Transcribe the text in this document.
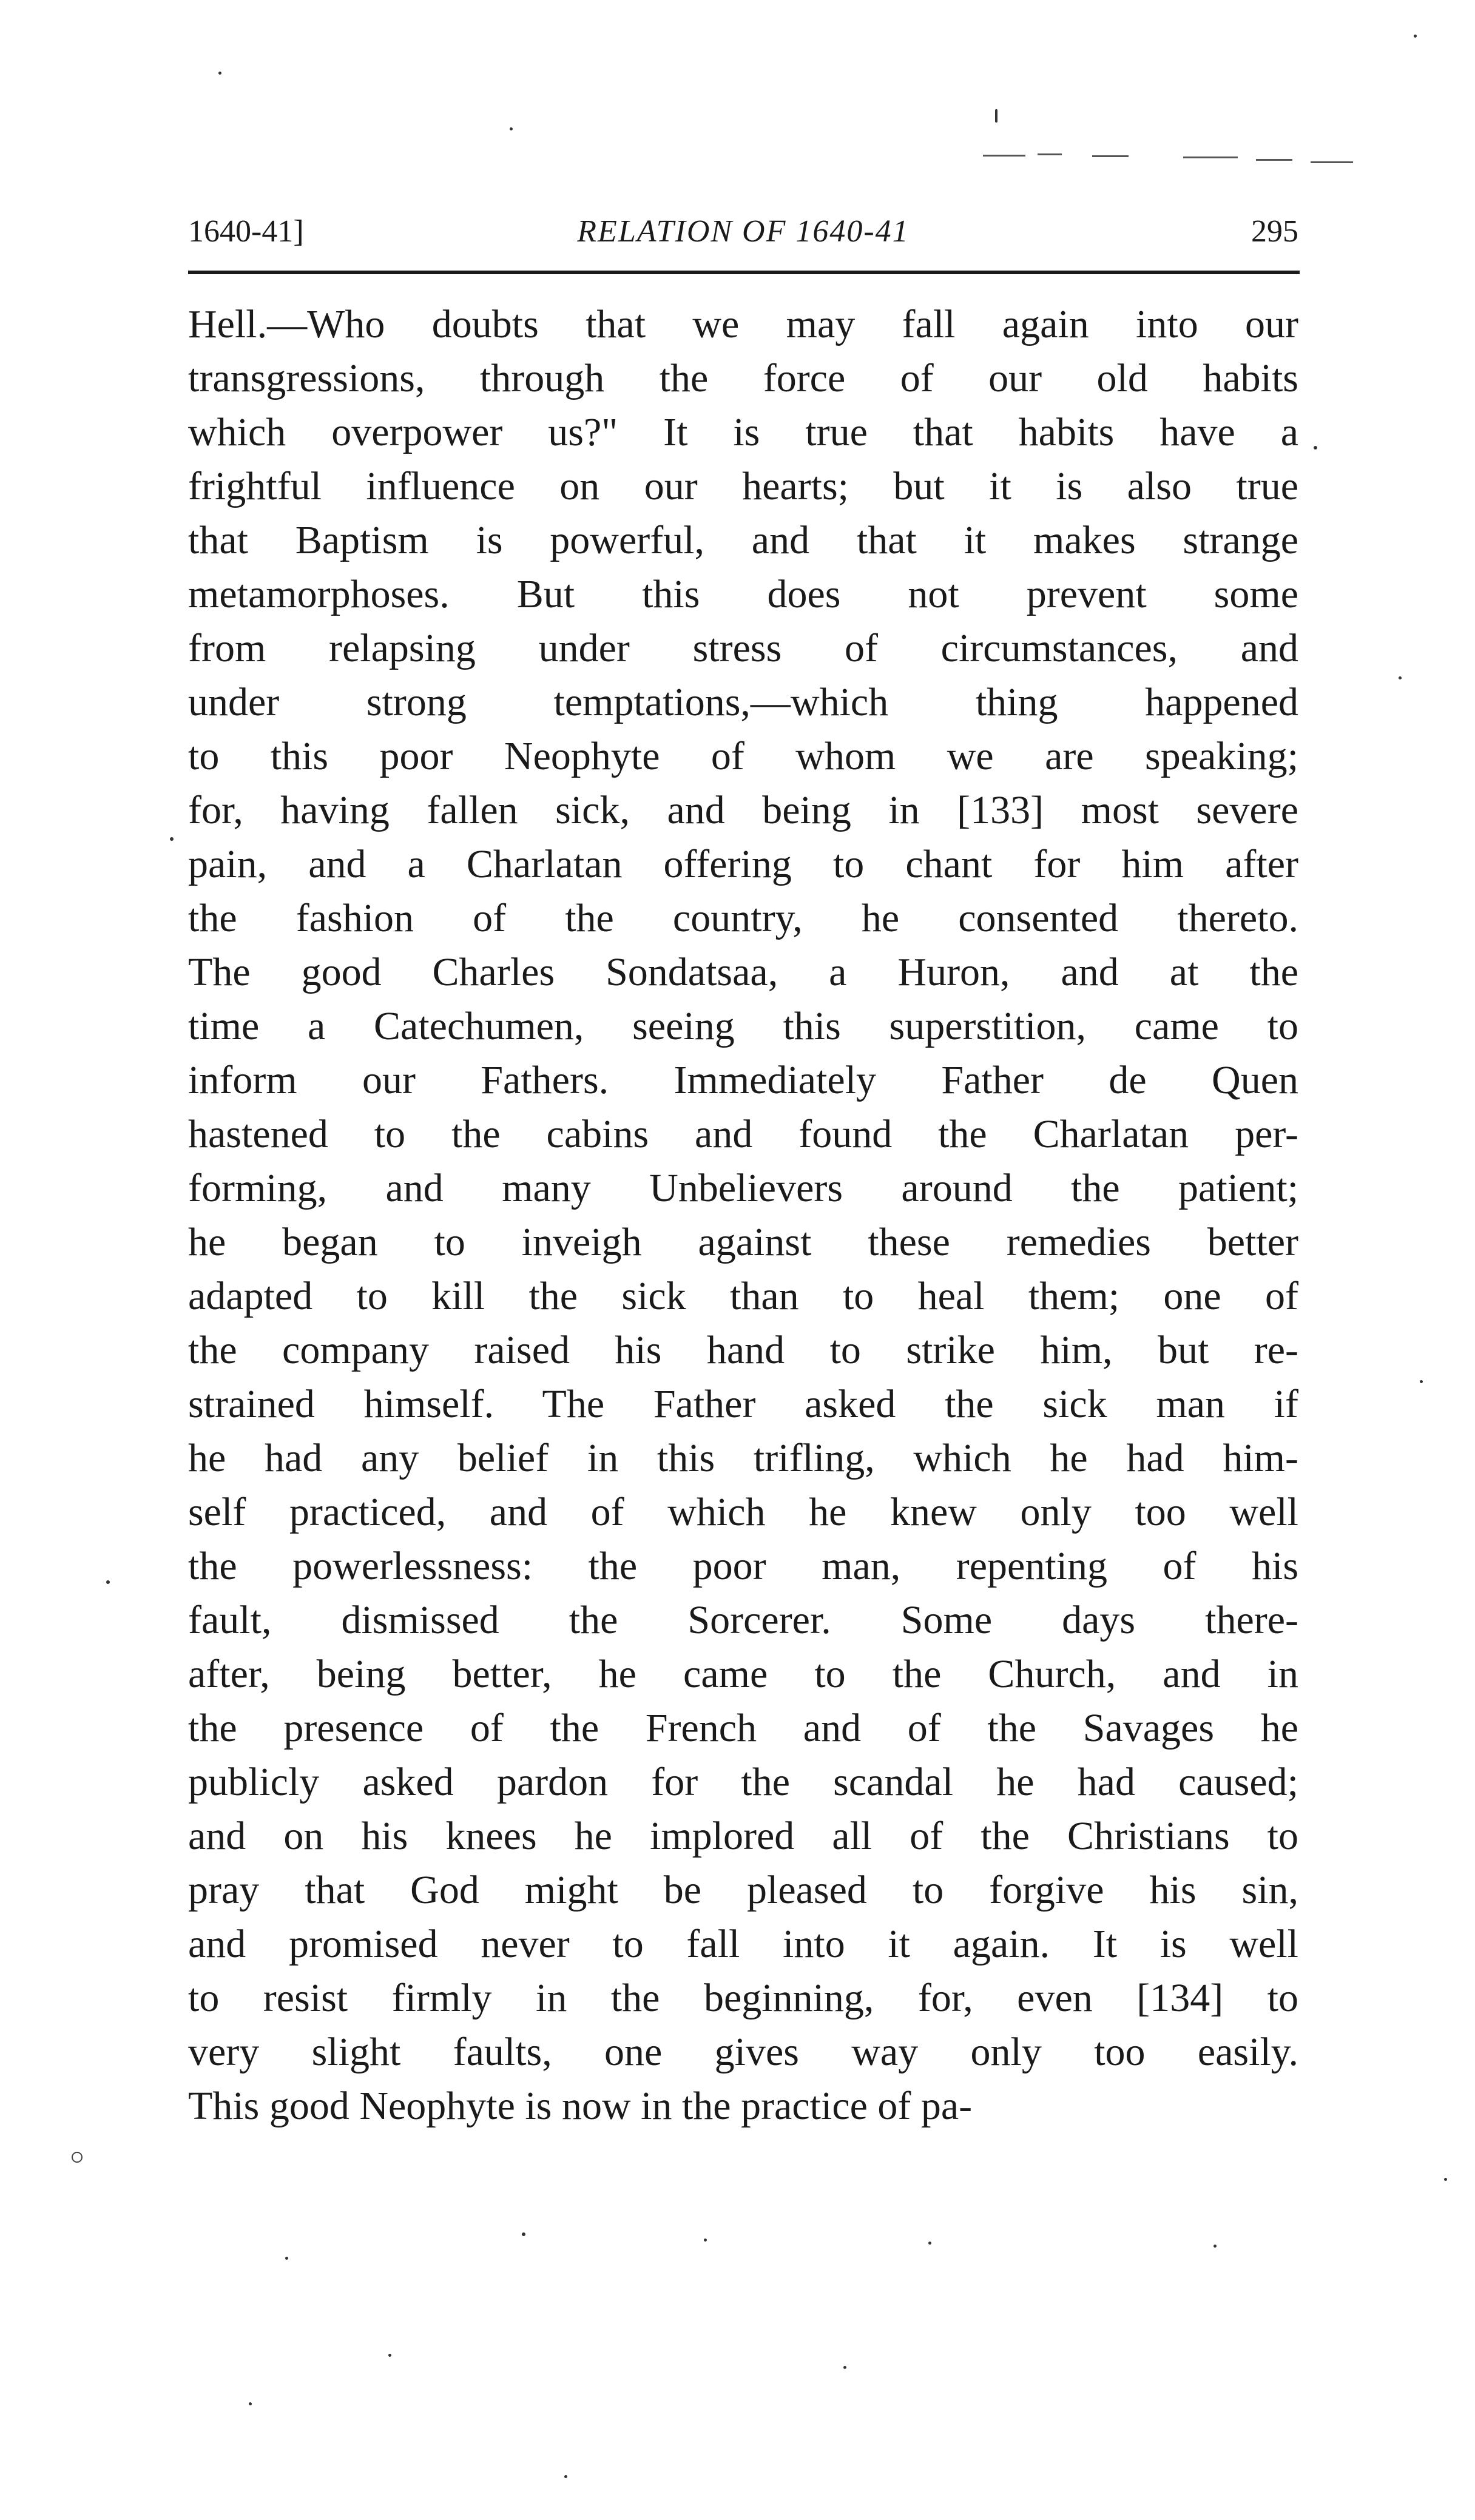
1640-41]	RELATION OF 1640-41	295
Hell.—Who doubts that we may fall again into our
transgressions, through the force of our old habits
which overpower us?" It is true that habits have a
frightful influence on our hearts; but it is also true
that Baptism is powerful, and that it makes strange
metamorphoses. But this does not prevent some
from relapsing under stress of circumstances, and
under strong temptations,—which thing happened
to this poor Neophyte of whom we are speaking;
for, having fallen sick, and being in [133] most severe
pain, and a Charlatan offering to chant for him after
the fashion of the country, he consented thereto.
The good Charles Sondatsaa, a Huron, and at the
time a Catechumen, seeing this superstition, came to
inform our Fathers. Immediately Father de Quen
hastened to the cabins and found the Charlatan per-
forming, and many Unbelievers around the patient;
he began to inveigh against these remedies better
adapted to kill the sick than to heal them; one of
the company raised his hand to strike him, but re-
strained himself. The Father asked the sick man if
he had any belief in this trifling, which he had him-
self practiced, and of which he knew only too well
the powerlessness: the poor man, repenting of his
fault, dismissed the Sorcerer. Some days there-
after, being better, he came to the Church, and in
the presence of the French and of the Savages he
publicly asked pardon for the scandal he had caused;
and on his knees he implored all of the Christians to
pray that God might be pleased to forgive his sin,
and promised never to fall into it again. It is well
to resist firmly in the beginning, for, even [134] to
very slight faults, one gives way only too easily.
This good Neophyte is now in the practice of pa-
